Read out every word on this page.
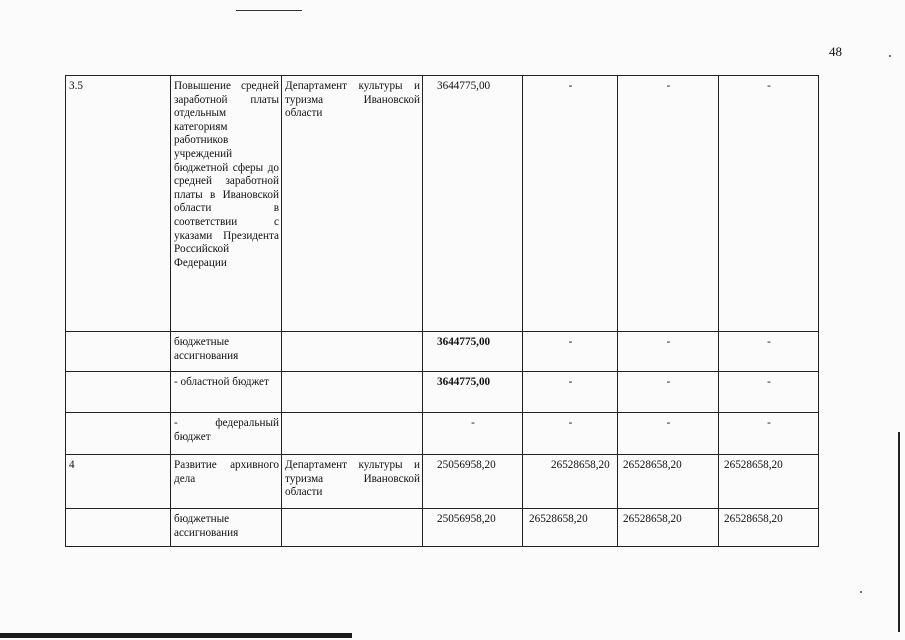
48
3.5	Повышение средней заработной платы отдельным категориям работников учреждений бюджетной сферы до средней заработной платы в Ивановской области в соответствии с указами Президента Российской Федерации	Департамент культуры и туризма Ивановской области	3644775,00	-	-	-
	бюджетные ассигнования		3644775,00	-	-	-
	- областной бюджет		3644775,00	-	-	-
	- федеральный бюджет		-	-	-	-
4	Развитие архивного дела	Департамент культуры и туризма Ивановской области	25056958,20	26528658,20	26528658,20	26528658,20
	бюджетные ассигнования		25056958,20	26528658,20	26528658,20	26528658,20
